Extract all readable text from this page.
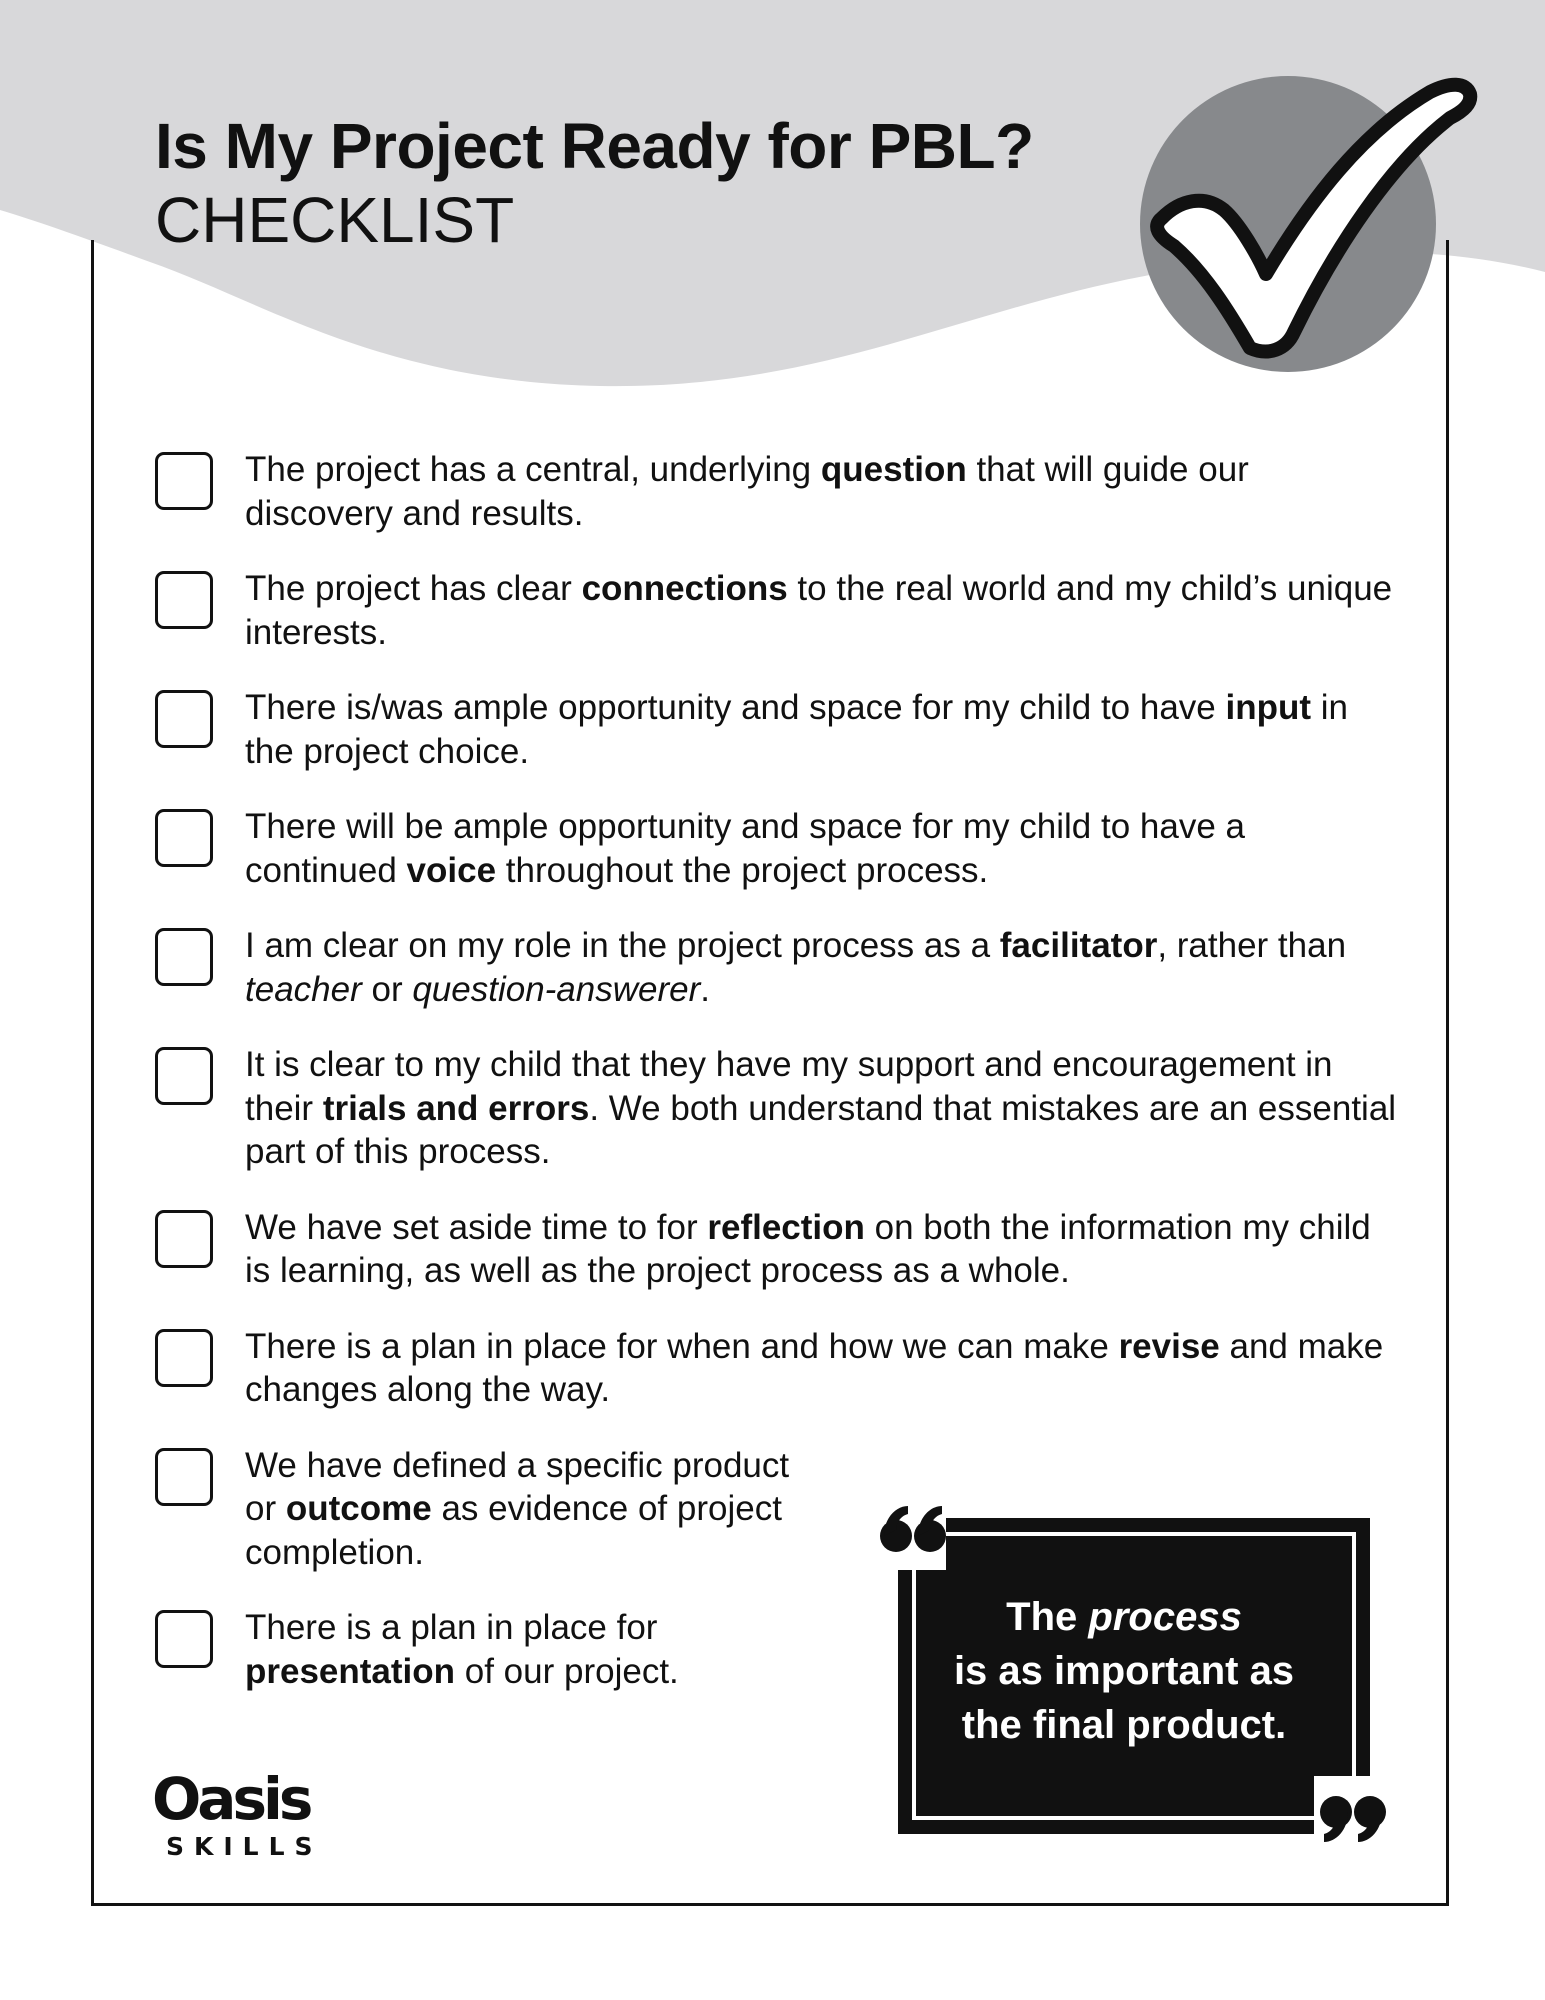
Is My Project Ready for PBL?
CHECKLIST
The project has a central, underlying question that will guide our discovery and results.
The project has clear connections to the real world and my child’s unique interests.
There is/was ample opportunity and space for my child to have input in the project choice.
There will be ample opportunity and space for my child to have a continued voice throughout the project process.
I am clear on my role in the project process as a facilitator, rather than teacher or question-answerer.
It is clear to my child that they have my support and encouragement in their trials and errors. We both understand that mistakes are an essential part of this process.
We have set aside time to for reflection on both the information my child is learning, as well as the project process as a whole.
There is a plan in place for when and how we can make revise and make changes along the way.
We have defined a specific product or outcome as evidence of project completion.
There is a plan in place for presentation of our project.
The process
is as important as the final product.
Oasis
SKILLS
